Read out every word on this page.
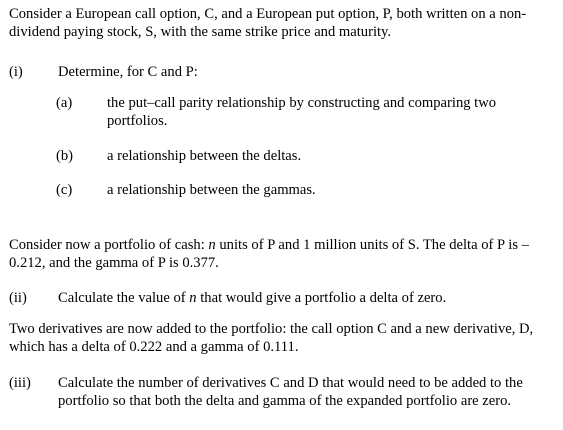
Consider a European call option, C, and a European put option, P, both written on a non-dividend paying stock, S, with the same strike price and maturity.

(i) Determine, for C and P:
(a) the put–call parity relationship by constructing and comparing two portfolios.
(b) a relationship between the deltas.
(c) a relationship between the gammas.

Consider now a portfolio of cash: n units of P and 1 million units of S. The delta of P is –0.212, and the gamma of P is 0.377.

(ii) Calculate the value of n that would give a portfolio a delta of zero.

Two derivatives are now added to the portfolio: the call option C and a new derivative, D, which has a delta of 0.222 and a gamma of 0.111.

(iii) Calculate the number of derivatives C and D that would need to be added to the portfolio so that both the delta and gamma of the expanded portfolio are zero.
